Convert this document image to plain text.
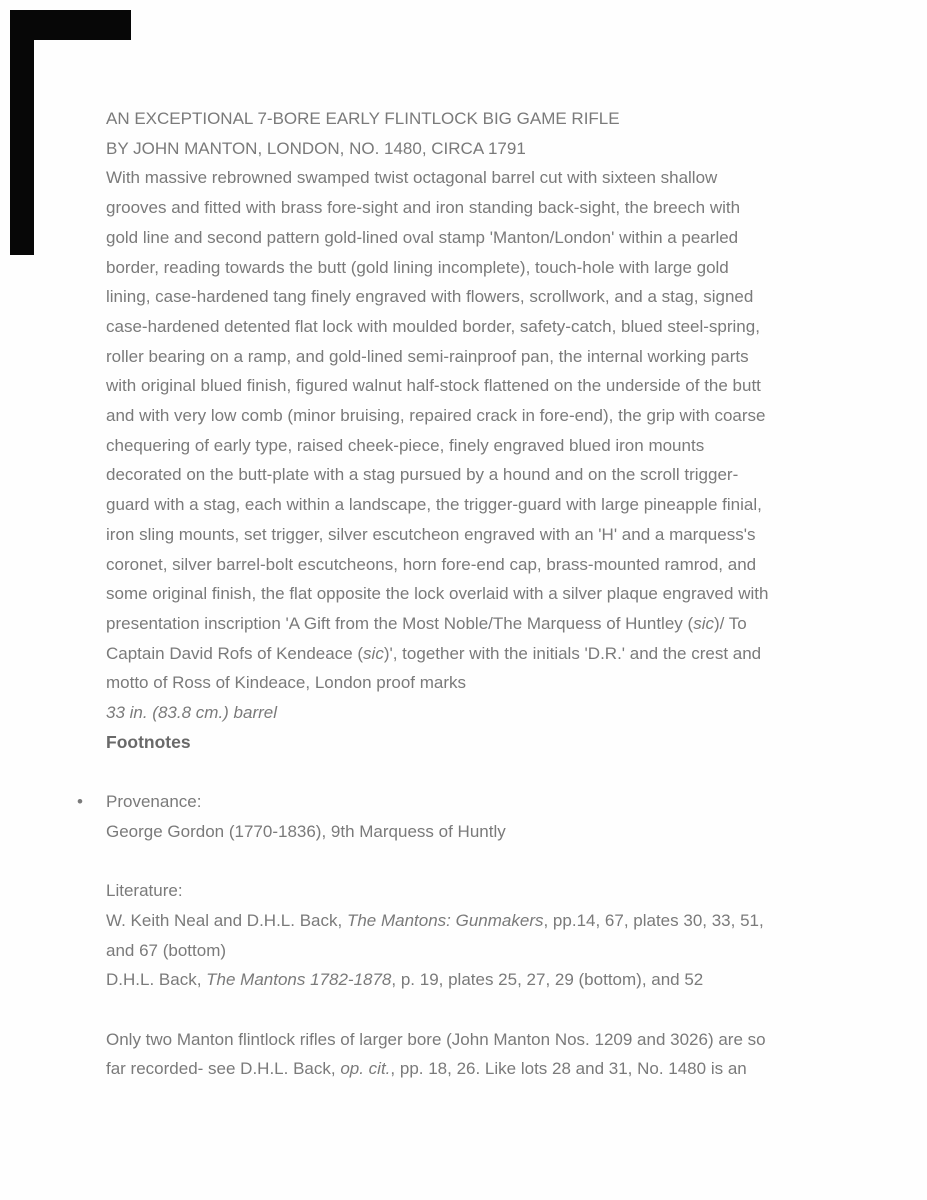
AN EXCEPTIONAL 7-BORE EARLY FLINTLOCK BIG GAME RIFLE
BY JOHN MANTON, LONDON, NO. 1480, CIRCA 1791
With massive rebrowned swamped twist octagonal barrel cut with sixteen shallow
grooves and fitted with brass fore-sight and iron standing back-sight, the breech with
gold line and second pattern gold-lined oval stamp 'Manton/London' within a pearled
border, reading towards the butt (gold lining incomplete), touch-hole with large gold
lining, case-hardened tang finely engraved with flowers, scrollwork, and a stag, signed
case-hardened detented flat lock with moulded border, safety-catch, blued steel-spring,
roller bearing on a ramp, and gold-lined semi-rainproof pan, the internal working parts
with original blued finish, figured walnut half-stock flattened on the underside of the butt
and with very low comb (minor bruising, repaired crack in fore-end), the grip with coarse
chequering of early type, raised cheek-piece, finely engraved blued iron mounts
decorated on the butt-plate with a stag pursued by a hound and on the scroll trigger-
guard with a stag, each within a landscape, the trigger-guard with large pineapple finial,
iron sling mounts, set trigger, silver escutcheon engraved with an 'H' and a marquess's
coronet, silver barrel-bolt escutcheons, horn fore-end cap, brass-mounted ramrod, and
some original finish, the flat opposite the lock overlaid with a silver plaque engraved with
presentation inscription 'A Gift from the Most Noble/The Marquess of Huntley (sic)/ To
Captain David Rofs of Kendeace (sic)', together with the initials 'D.R.' and the crest and
motto of Ross of Kindeace, London proof marks
33 in. (83.8 cm.) barrel
Footnotes
• Provenance:
George Gordon (1770-1836), 9th Marquess of Huntly
Literature:
W. Keith Neal and D.H.L. Back, The Mantons: Gunmakers, pp.14, 67, plates 30, 33, 51,
and 67 (bottom)
D.H.L. Back, The Mantons 1782-1878, p. 19, plates 25, 27, 29 (bottom), and 52
Only two Manton flintlock rifles of larger bore (John Manton Nos. 1209 and 3026) are so
far recorded- see D.H.L. Back, op. cit., pp. 18, 26. Like lots 28 and 31, No. 1480 is an
